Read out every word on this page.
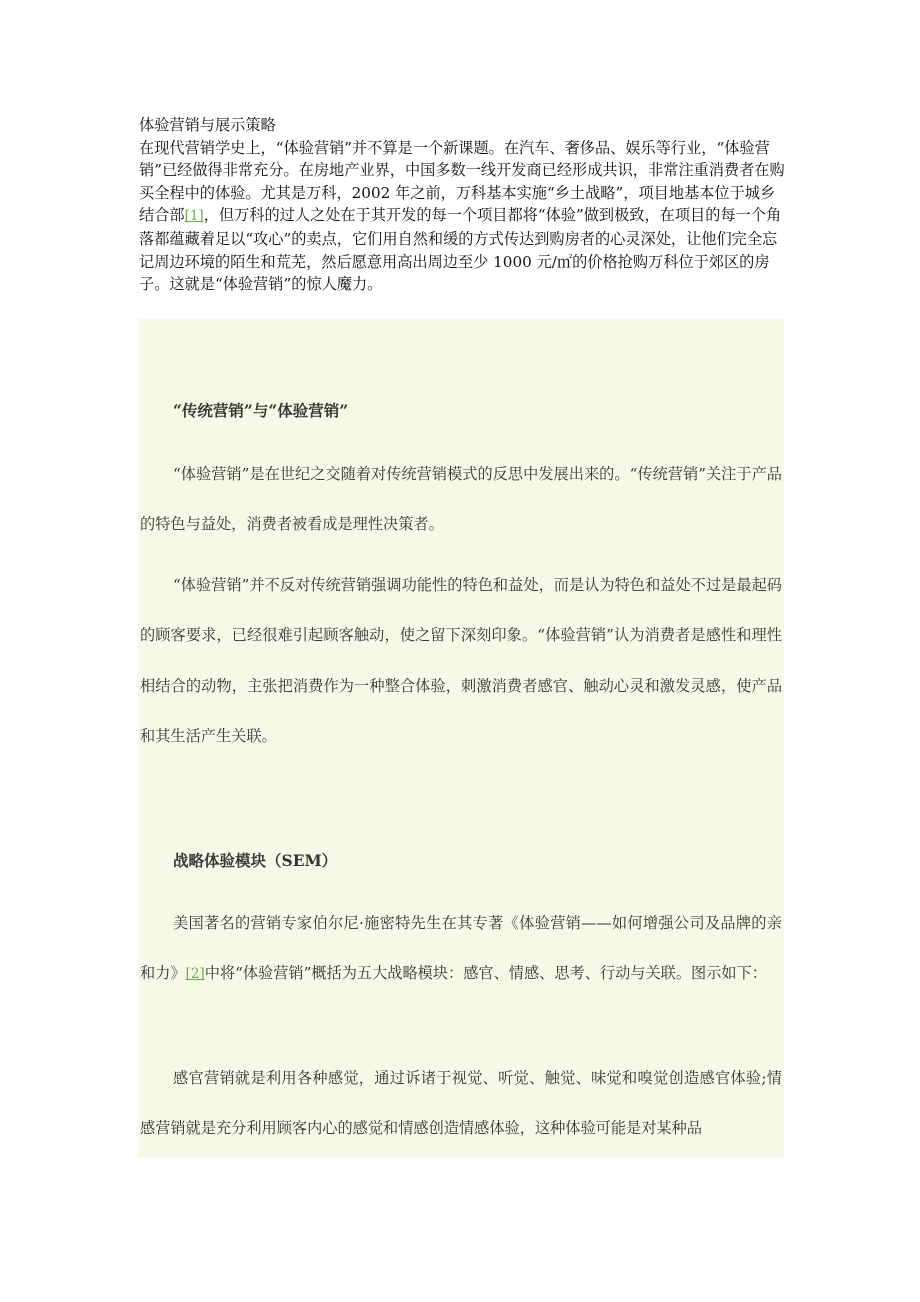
体验营销与展示策略

在现代营销学史上，“体验营销”并不算是一个新课题。在汽车、奢侈品、娱乐等行业，“体验营销”已经做得非常充分。在房地产业界，中国多数一线开发商已经形成共识，非常注重消费者在购买全程中的体验。尤其是万科，2002 年之前，万科基本实施“乡土战略”，项目地基本位于城乡结合部[1]，但万科的过人之处在于其开发的每一个项目都将“体验”做到极致，在项目的每一个角落都蕴藏着足以“攻心”的卖点，它们用自然和缓的方式传达到购房者的心灵深处，让他们完全忘记周边环境的陌生和荒芜，然后愿意用高出周边至少 1000 元/㎡的价格抢购万科位于郊区的房子。这就是“体验营销”的惊人魔力。

“传统营销”与“体验营销”

“体验营销”是在世纪之交随着对传统营销模式的反思中发展出来的。“传统营销”关注于产品的特色与益处，消费者被看成是理性决策者。

“体验营销”并不反对传统营销强调功能性的特色和益处，而是认为特色和益处不过是最起码的顾客要求，已经很难引起顾客触动，使之留下深刻印象。“体验营销”认为消费者是感性和理性相结合的动物，主张把消费作为一种整合体验，刺激消费者感官、触动心灵和激发灵感，使产品和其生活产生关联。

战略体验模块（SEM）

美国著名的营销专家伯尔尼·施密特先生在其专著《体验营销——如何增强公司及品牌的亲和力》[2]中将“体验营销”概括为五大战略模块：感官、情感、思考、行动与关联。图示如下：

感官营销就是利用各种感觉，通过诉诸于视觉、听觉、触觉、味觉和嗅觉创造感官体验;情感营销就是充分利用顾客内心的感觉和情感创造情感体验，这种体验可能是对某种品
